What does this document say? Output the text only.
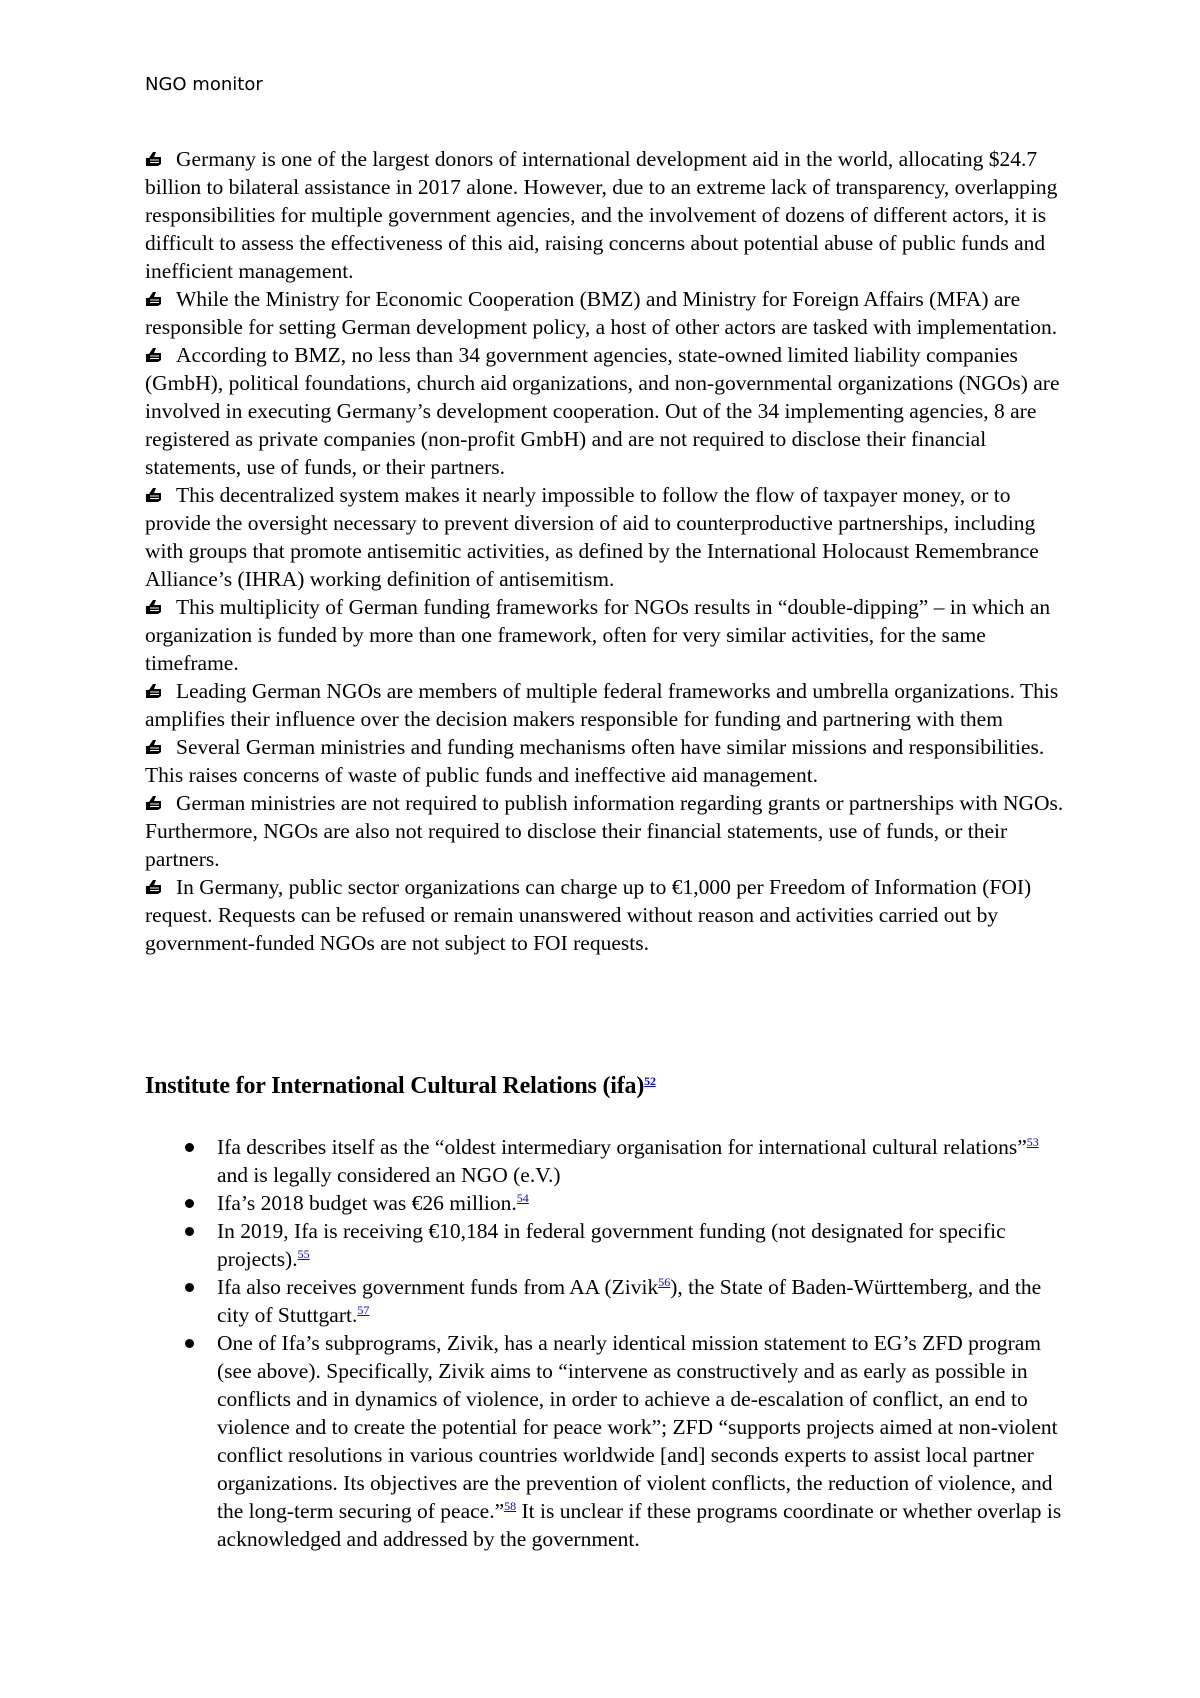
NGO monitor

Germany is one of the largest donors of international development aid in the world, allocating $24.7 billion to bilateral assistance in 2017 alone. However, due to an extreme lack of transparency, overlapping responsibilities for multiple government agencies, and the involvement of dozens of different actors, it is difficult to assess the effectiveness of this aid, raising concerns about potential abuse of public funds and inefficient management.

While the Ministry for Economic Cooperation (BMZ) and Ministry for Foreign Affairs (MFA) are responsible for setting German development policy, a host of other actors are tasked with implementation.

According to BMZ, no less than 34 government agencies, state-owned limited liability companies (GmbH), political foundations, church aid organizations, and non-governmental organizations (NGOs) are involved in executing Germany’s development cooperation. Out of the 34 implementing agencies, 8 are registered as private companies (non-profit GmbH) and are not required to disclose their financial statements, use of funds, or their partners.

This decentralized system makes it nearly impossible to follow the flow of taxpayer money, or to provide the oversight necessary to prevent diversion of aid to counterproductive partnerships, including with groups that promote antisemitic activities, as defined by the International Holocaust Remembrance Alliance’s (IHRA) working definition of antisemitism.

This multiplicity of German funding frameworks for NGOs results in “double-dipping” – in which an organization is funded by more than one framework, often for very similar activities, for the same timeframe.

Leading German NGOs are members of multiple federal frameworks and umbrella organizations. This amplifies their influence over the decision makers responsible for funding and partnering with them

Several German ministries and funding mechanisms often have similar missions and responsibilities. This raises concerns of waste of public funds and ineffective aid management.

German ministries are not required to publish information regarding grants or partnerships with NGOs. Furthermore, NGOs are also not required to disclose their financial statements, use of funds, or their partners.

In Germany, public sector organizations can charge up to €1,000 per Freedom of Information (FOI) request. Requests can be refused or remain unanswered without reason and activities carried out by government-funded NGOs are not subject to FOI requests.

Institute for International Cultural Relations (ifa)$^{52}$
Ifa describes itself as the “oldest intermediary organisation for international cultural relations”$^{53}$ and is legally considered an NGO (e.V.)
Ifa’s 2018 budget was €26 million.$^{54}$
In 2019, Ifa is receiving €10,184 in federal government funding (not designated for specific projects).$^{55}$
Ifa also receives government funds from AA (Zivik$^{56}$), the State of Baden-Württemberg, and the city of Stuttgart.$^{57}$
One of Ifa’s subprograms, Zivik, has a nearly identical mission statement to EG’s ZFD program (see above). Specifically, Zivik aims to “intervene as constructively and as early as possible in conflicts and in dynamics of violence, in order to achieve a de-escalation of conflict, an end to violence and to create the potential for peace work”; ZFD “supports projects aimed at non-violent conflict resolutions in various countries worldwide [and] seconds experts to assist local partner organizations. Its objectives are the prevention of violent conflicts, the reduction of violence, and the long-term securing of peace.”$^{58}$ It is unclear if these programs coordinate or whether overlap is acknowledged and addressed by the government.
